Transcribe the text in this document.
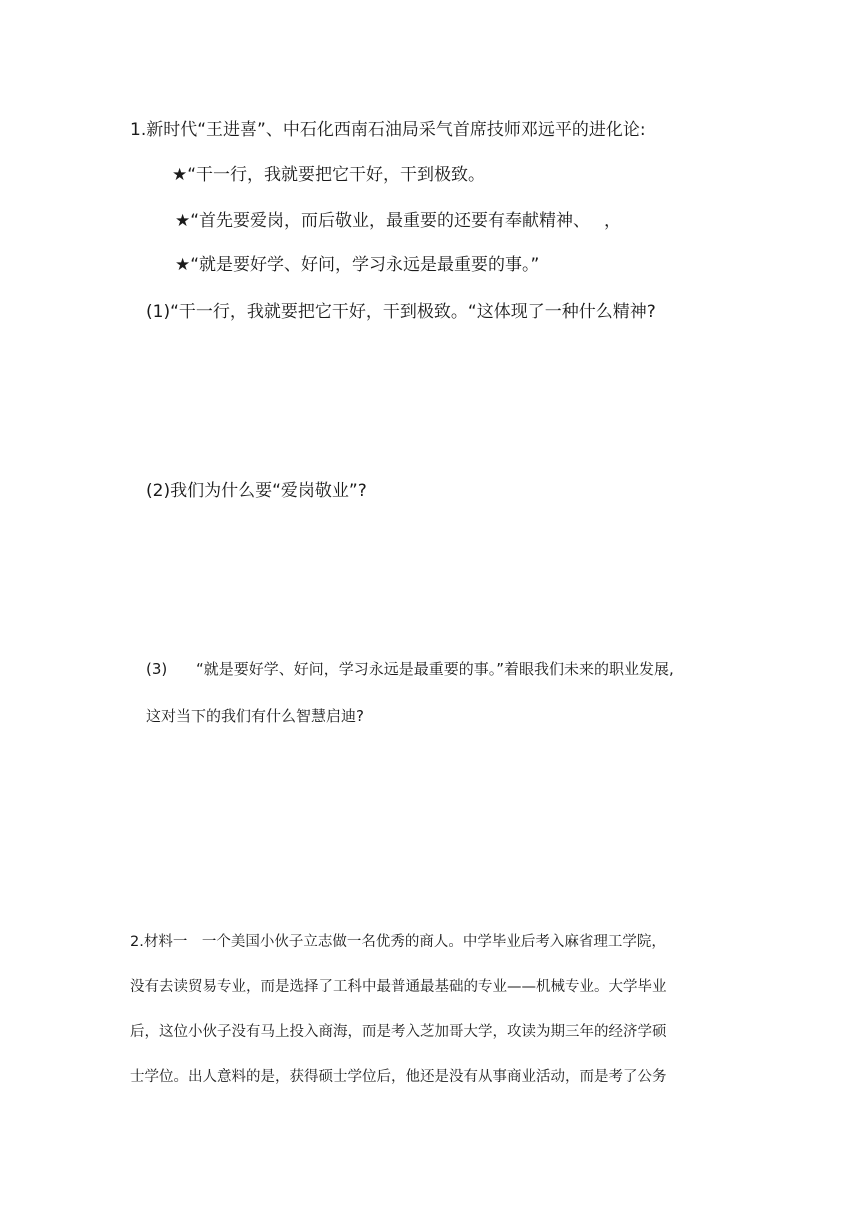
1.新时代“王进喜”、中石化西南石油局采气首席技师邓远平的进化论:
★“干一行，我就要把它干好，干到极致。
★“首先要爱岗，而后敬业，最重要的还要有奉献精神、　 ，
★“就是要好学、好问，学习永远是最重要的事。”
(1)“干一行，我就要把它干好，干到极致。“这体现了一种什么精神?
(2)我们为什么要“爱岗敬业”?
(3) “就是要好学、好问，学习永远是最重要的事。”着眼我们未来的职业发展,
这对当下的我们有什么智慧启迪?
2.材料一　一个美国小伙子立志做一名优秀的商人。中学毕业后考入麻省理工学院，
没有去读贸易专业，而是选择了工科中最普通最基础的专业——机械专业。大学毕业
后，这位小伙子没有马上投入商海，而是考入芝加哥大学，攻读为期三年的经济学硕
士学位。出人意料的是，获得硕士学位后，他还是没有从事商业活动，而是考了公务
